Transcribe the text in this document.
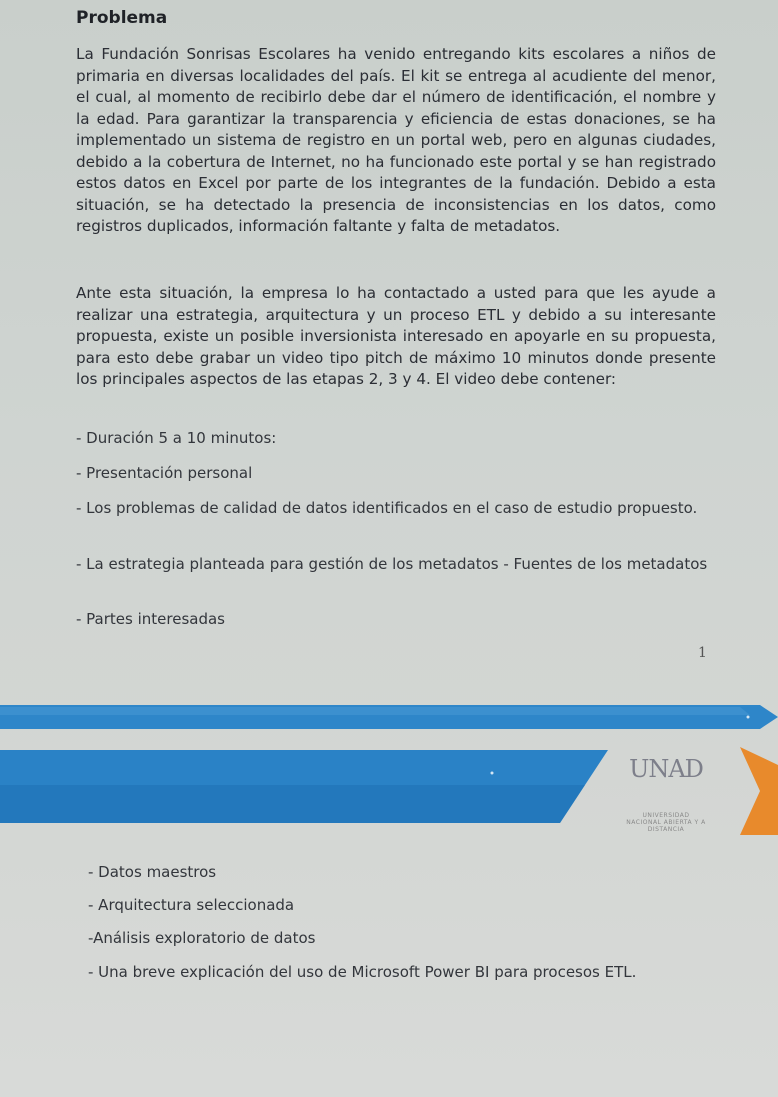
Problema

La Fundación Sonrisas Escolares ha venido entregando kits escolares a niños de primaria en diversas localidades del país. El kit se entrega al acudiente del menor, el cual, al momento de recibirlo debe dar el número de identificación, el nombre y la edad. Para garantizar la transparencia y eficiencia de estas donaciones, se ha implementado un sistema de registro en un portal web, pero en algunas ciudades, debido a la cobertura de Internet, no ha funcionado este portal y se han registrado estos datos en Excel por parte de los integrantes de la fundación. Debido a esta situación, se ha detectado la presencia de inconsistencias en los datos, como registros duplicados, información faltante y falta de metadatos.

Ante esta situación, la empresa lo ha contactado a usted para que les ayude a realizar una estrategia, arquitectura y un proceso ETL y debido a su interesante propuesta, existe un posible inversionista interesado en apoyarle en su propuesta, para esto debe grabar un video tipo pitch de máximo 10 minutos donde presente los principales aspectos de las etapas 2, 3 y 4. El video debe contener:

- Duración 5 a 10 minutos:

- Presentación personal

- Los problemas de calidad de datos identificados en el caso de estudio propuesto.

- La estrategia planteada para gestión de los metadatos - Fuentes de los metadatos

- Partes interesadas

1
UNAD
UNIVERSIDAD NACIONAL ABIERTA Y A DISTANCIA

- Datos maestros

- Arquitectura seleccionada

-Análisis exploratorio de datos

- Una breve explicación del uso de Microsoft Power BI para procesos ETL.
